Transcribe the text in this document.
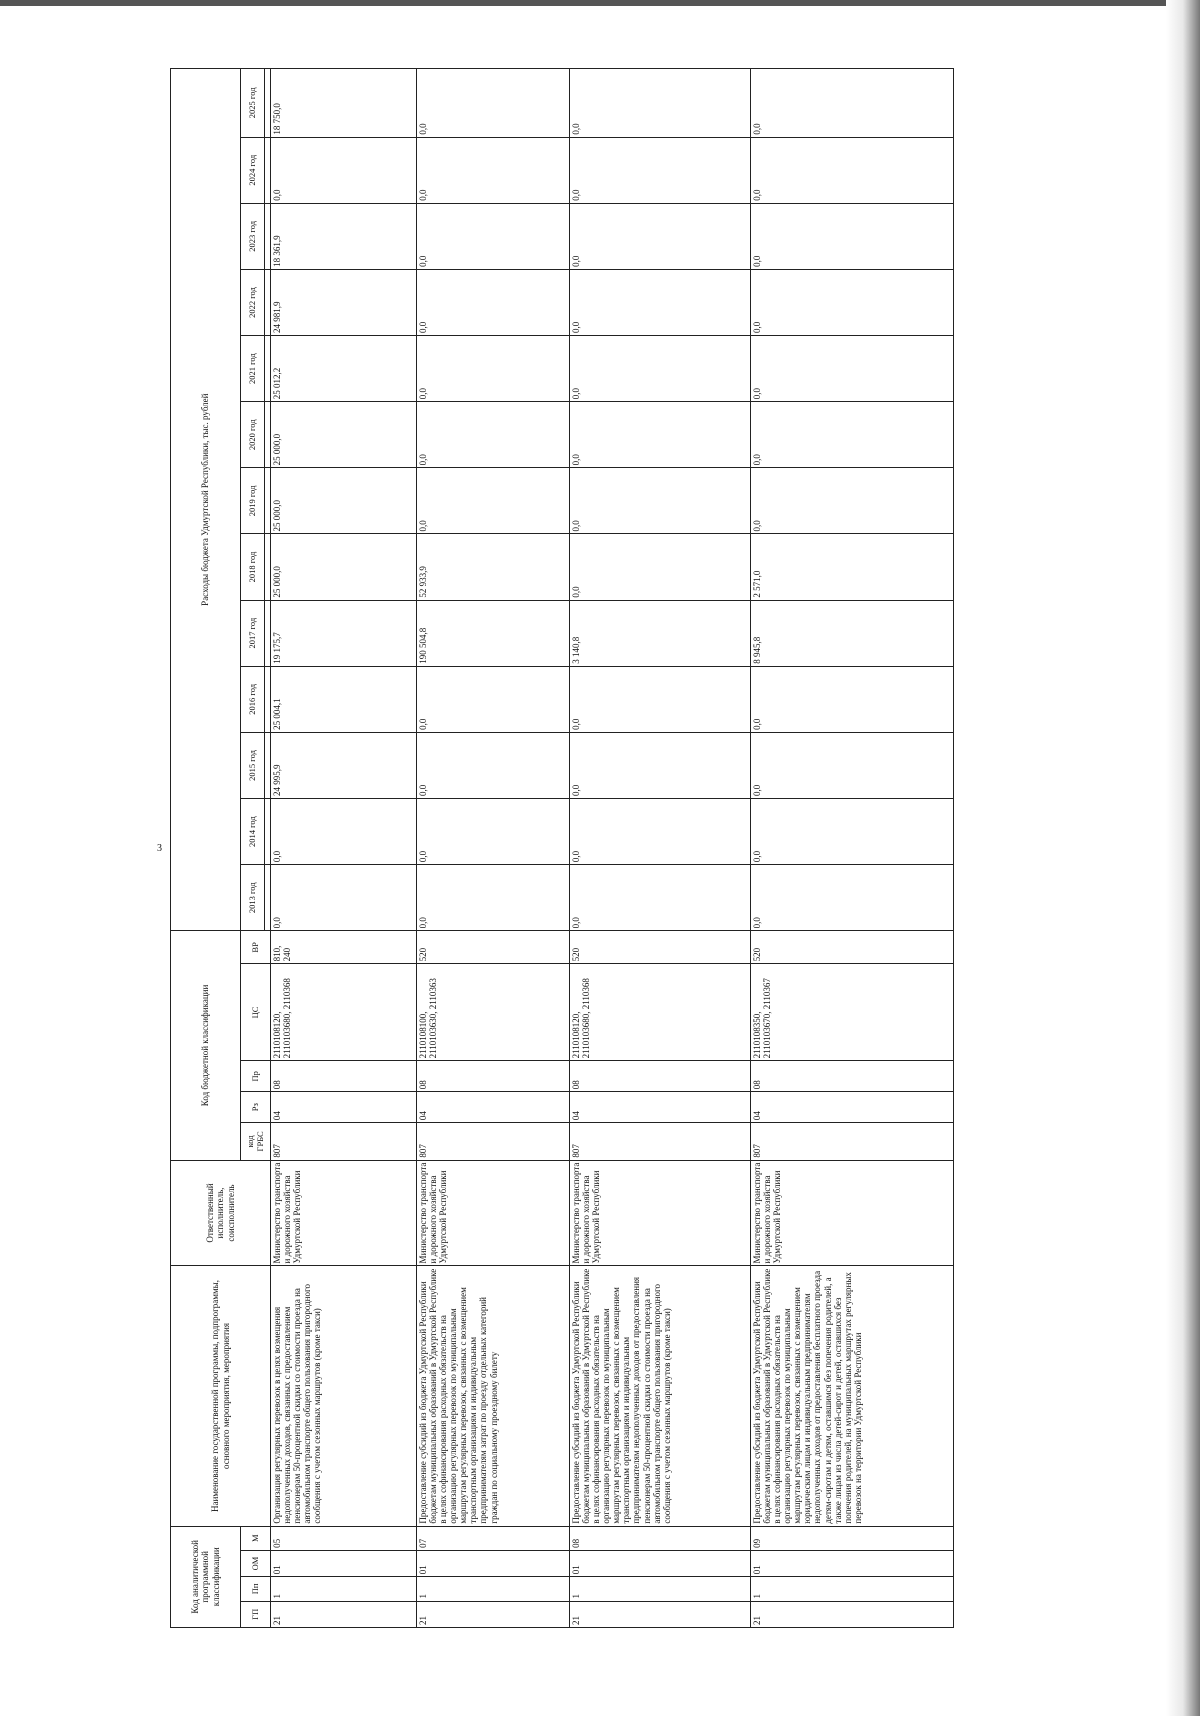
3
Код аналитической программной классификации				Наименование государственной программы, подпрограммы, основного мероприятия, мероприятия	Ответственный исполнитель, соисполнитель	Код бюджетной классификации					Расходы бюджета Удмуртской Республики, тыс. рублей												
ГП	Пп	ОМ	М			код ГРБС	Рз	Пр	ЦС	ВР	2013 год	2014 год	2015 год	2016 год	2017 год	2018 год	2019 год	2020 год	2021 год	2022 год	2023 год	2024 год	2025 год

21	1	01	05	Организация регулярных перевозок в целях возмещения недополученных доходов, связанных с предоставлением пенсионерам 50-процентной скидки со стоимости проезда на автомобильном транспорте общего пользования пригородного сообщения с учетом сезонных маршрутов (кроме такси)	Министерство транспорта и дорожного хозяйства Удмуртской Республики	807	04	08	2110108120, 2110103680, 2110368	810, 240	0,0	0,0	24 995,9	25 004,1	19 175,7	25 000,0	25 000,0	25 000,0	25 012,2	24 981,9	18 361,9	0,0	18 750,0
21	1	01	07	Предоставление субсидий из бюджета Удмуртской Республики бюджетам муниципальных образований в Удмуртской Республике в целях софинансирования расходных обязательств на организацию регулярных перевозок по муниципальным маршрутам регулярных перевозок, связанных с возмещением транспортным организациям и индивидуальным предпринимателям затрат по проезду отдельных категорий граждан по социальному проездному билету	Министерство транспорта и дорожного хозяйства Удмуртской Республики	807	04	08	2110108100, 2110103630, 2110363	520	0,0	0,0	0,0	0,0	190 504,8	52 933,9	0,0	0,0	0,0	0,0	0,0	0,0	0,0
21	1	01	08	Предоставление субсидий из бюджета Удмуртской Республики бюджетам муниципальных образований в Удмуртской Республике в целях софинансирования расходных обязательств на организацию регулярных перевозок по муниципальным маршрутам регулярных перевозок, связанных с возмещением транспортным организациям и индивидуальным предпринимателям недополученных доходов от предоставления пенсионерам 50-процентной скидки со стоимости проезда на автомобильном транспорте общего пользования пригородного сообщения с учетом сезонных маршрутов (кроме такси)	Министерство транспорта и дорожного хозяйства Удмуртской Республики	807	04	08	2110108120, 2110103680, 2110368	520	0,0	0,0	0,0	0,0	3 140,8	0,0	0,0	0,0	0,0	0,0	0,0	0,0	0,0
21	1	01	09	Предоставление субсидий из бюджета Удмуртской Республики бюджетам муниципальных образований в Удмуртской Республике в целях софинансирования расходных обязательств на организацию регулярных перевозок по муниципальным маршрутам регулярных перевозок, связанных с возмещением юридическим лицам и индивидуальным предпринимателям недополученных доходов от предоставления бесплатного проезда детям-сиротам и детям, оставшимся без попечения родителей, а также лицам из числа детей-сирот и детей, оставшихся без попечения родителей, на муниципальных маршрутах регулярных перевозок на территории Удмуртской Республики	Министерство транспорта и дорожного хозяйства Удмуртской Республики	807	04	08	2110108350, 2110103670, 2110367	520	0,0	0,0	0,0	0,0	8 945,8	2 571,0	0,0	0,0	0,0	0,0	0,0	0,0	0,0
